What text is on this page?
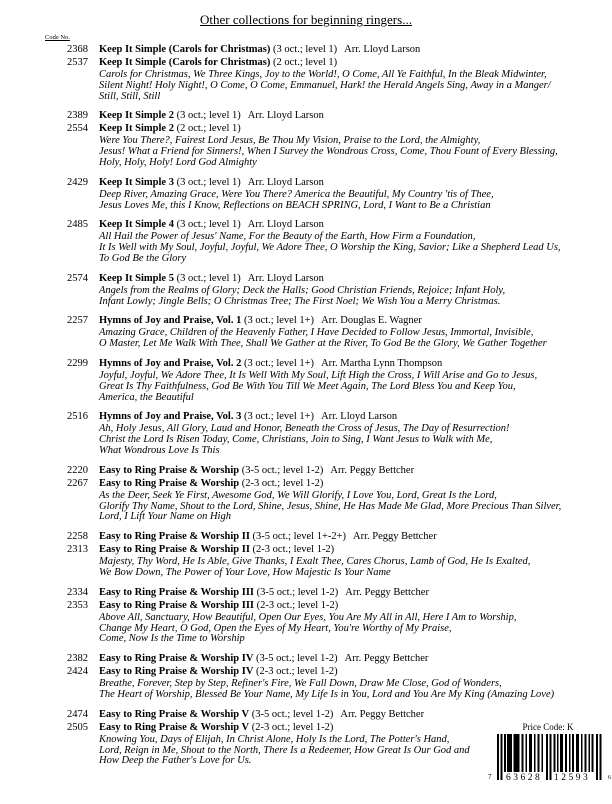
Other collections for beginning ringers...
Code No.
2368 Keep It Simple (Carols for Christmas) (3 oct.; level 1) Arr. Lloyd Larson
2537 Keep It Simple (Carols for Christmas) (2 oct.; level 1)
Carols for Christmas, We Three Kings, Joy to the World!, O Come, All Ye Faithful, In the Bleak Midwinter,
Silent Night! Holy Night!, O Come, O Come, Emmanuel, Hark! the Herald Angels Sing, Away in a Manger/
Still, Still, Still
2389 Keep It Simple 2 (3 oct.; level 1) Arr. Lloyd Larson
2554 Keep It Simple 2 (2 oct.; level 1)
Were You There?, Fairest Lord Jesus, Be Thou My Vision, Praise to the Lord, the Almighty,
Jesus! What a Friend for Sinners!, When I Survey the Wondrous Cross, Come, Thou Fount of Every Blessing,
Holy, Holy, Holy! Lord God Almighty
2429 Keep It Simple 3 (3 oct.; level 1) Arr. Lloyd Larson
Deep River, Amazing Grace, Were You There? America the Beautiful, My Country 'tis of Thee,
Jesus Loves Me, this I Know, Reflections on BEACH SPRING, Lord, I Want to Be a Christian
2485 Keep It Simple 4 (3 oct.; level 1) Arr. Lloyd Larson
All Hail the Power of Jesus' Name, For the Beauty of the Earth, How Firm a Foundation,
It Is Well with My Soul, Joyful, Joyful, We Adore Thee, O Worship the King, Savior; Like a Shepherd Lead Us,
To God Be the Glory
2574 Keep It Simple 5 (3 oct.; level 1) Arr. Lloyd Larson
Angels from the Realms of Glory; Deck the Halls; Good Christian Friends, Rejoice; Infant Holy,
Infant Lowly; Jingle Bells; O Christmas Tree; The First Noel; We Wish You a Merry Christmas.
2257 Hymns of Joy and Praise, Vol. 1 (3 oct.; level 1+) Arr. Douglas E. Wagner
Amazing Grace, Children of the Heavenly Father, I Have Decided to Follow Jesus, Immortal, Invisible,
O Master, Let Me Walk With Thee, Shall We Gather at the River, To God Be the Glory, We Gather Together
2299 Hymns of Joy and Praise, Vol. 2 (3 oct.; level 1+) Arr. Martha Lynn Thompson
Joyful, Joyful, We Adore Thee, It Is Well With My Soul, Lift High the Cross, I Will Arise and Go to Jesus,
Great Is Thy Faithfulness, God Be With You Till We Meet Again, The Lord Bless You and Keep You,
America, the Beautiful
2516 Hymns of Joy and Praise, Vol. 3 (3 oct.; level 1+) Arr. Lloyd Larson
Ah, Holy Jesus, All Glory, Laud and Honor, Beneath the Cross of Jesus, The Day of Resurrection!
Christ the Lord Is Risen Today, Come, Christians, Join to Sing, I Want Jesus to Walk with Me,
What Wondrous Love Is This
2220 Easy to Ring Praise & Worship (3-5 oct.; level 1-2) Arr. Peggy Bettcher
2267 Easy to Ring Praise & Worship (2-3 oct.; level 1-2)
As the Deer, Seek Ye First, Awesome God, We Will Glorify, I Love You, Lord, Great Is the Lord,
Glorify Thy Name, Shout to the Lord, Shine, Jesus, Shine, He Has Made Me Glad, More Precious Than Silver,
Lord, I Lift Your Name on High
2258 Easy to Ring Praise & Worship II (3-5 oct.; level 1+-2+) Arr. Peggy Bettcher
2313 Easy to Ring Praise & Worship II (2-3 oct.; level 1-2)
Majesty, Thy Word, He Is Able, Give Thanks, I Exalt Thee, Cares Chorus, Lamb of God, He Is Exalted,
We Bow Down, The Power of Your Love, How Majestic Is Your Name
2334 Easy to Ring Praise & Worship III (3-5 oct.; level 1-2) Arr. Peggy Bettcher
2353 Easy to Ring Praise & Worship III (2-3 oct.; level 1-2)
Above All, Sanctuary, How Beautiful, Open Our Eyes, You Are My All in All, Here I Am to Worship,
Change My Heart, O God, Open the Eyes of My Heart, You're Worthy of My Praise,
Come, Now Is the Time to Worship
2382 Easy to Ring Praise & Worship IV (3-5 oct.; level 1-2) Arr. Peggy Bettcher
2424 Easy to Ring Praise & Worship IV (2-3 oct.; level 1-2)
Breathe, Forever, Step by Step, Refiner's Fire, We Fall Down, Draw Me Close, God of Wonders,
The Heart of Worship, Blessed Be Your Name, My Life Is in You, Lord and You Are My King (Amazing Love)
2474 Easy to Ring Praise & Worship V (3-5 oct.; level 1-2) Arr. Peggy Bettcher
2505 Easy to Ring Praise & Worship V (2-3 oct.; level 1-2)
Knowing You, Days of Elijah, In Christ Alone, Holy Is the Lord, The Potter's Hand,
Lord, Reign in Me, Shout to the North, There Is a Redeemer, How Great Is Our God and
How Deep the Father's Love for Us.
Price Code: K
7 63628 12593	6
